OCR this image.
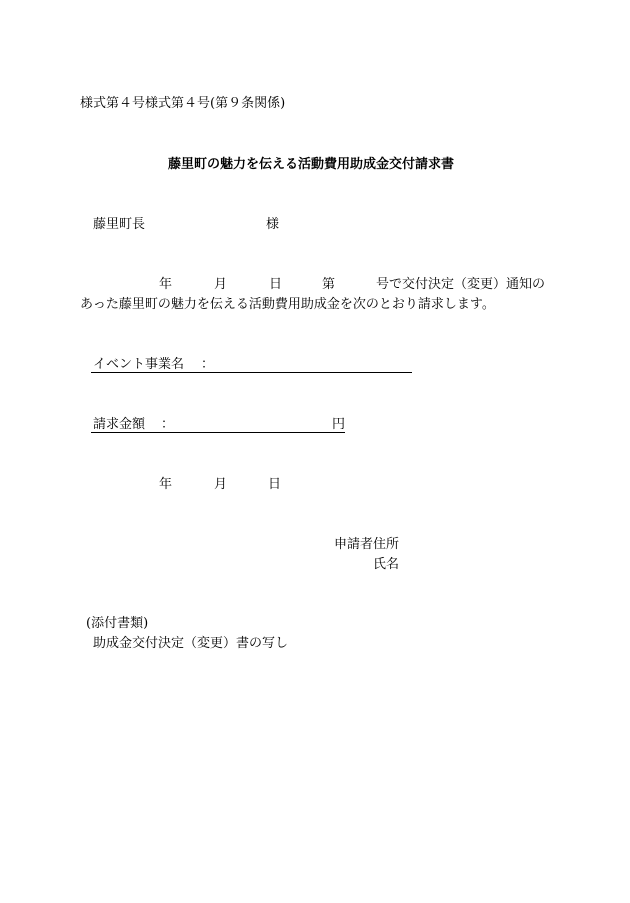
様式第４号様式第４号(第９条関係)
藤里町の魅力を伝える活動費用助成金交付請求書
藤里町長	様
年	月	日	第	号で交付決定（変更）通知の
あった藤里町の魅力を伝える活動費用助成金を次のとおり請求します。
イベント事業名 ：
請求金額 ：	円
年	月	日
申請者住所
氏名
(添付書類)
助成金交付決定（変更）書の写し
